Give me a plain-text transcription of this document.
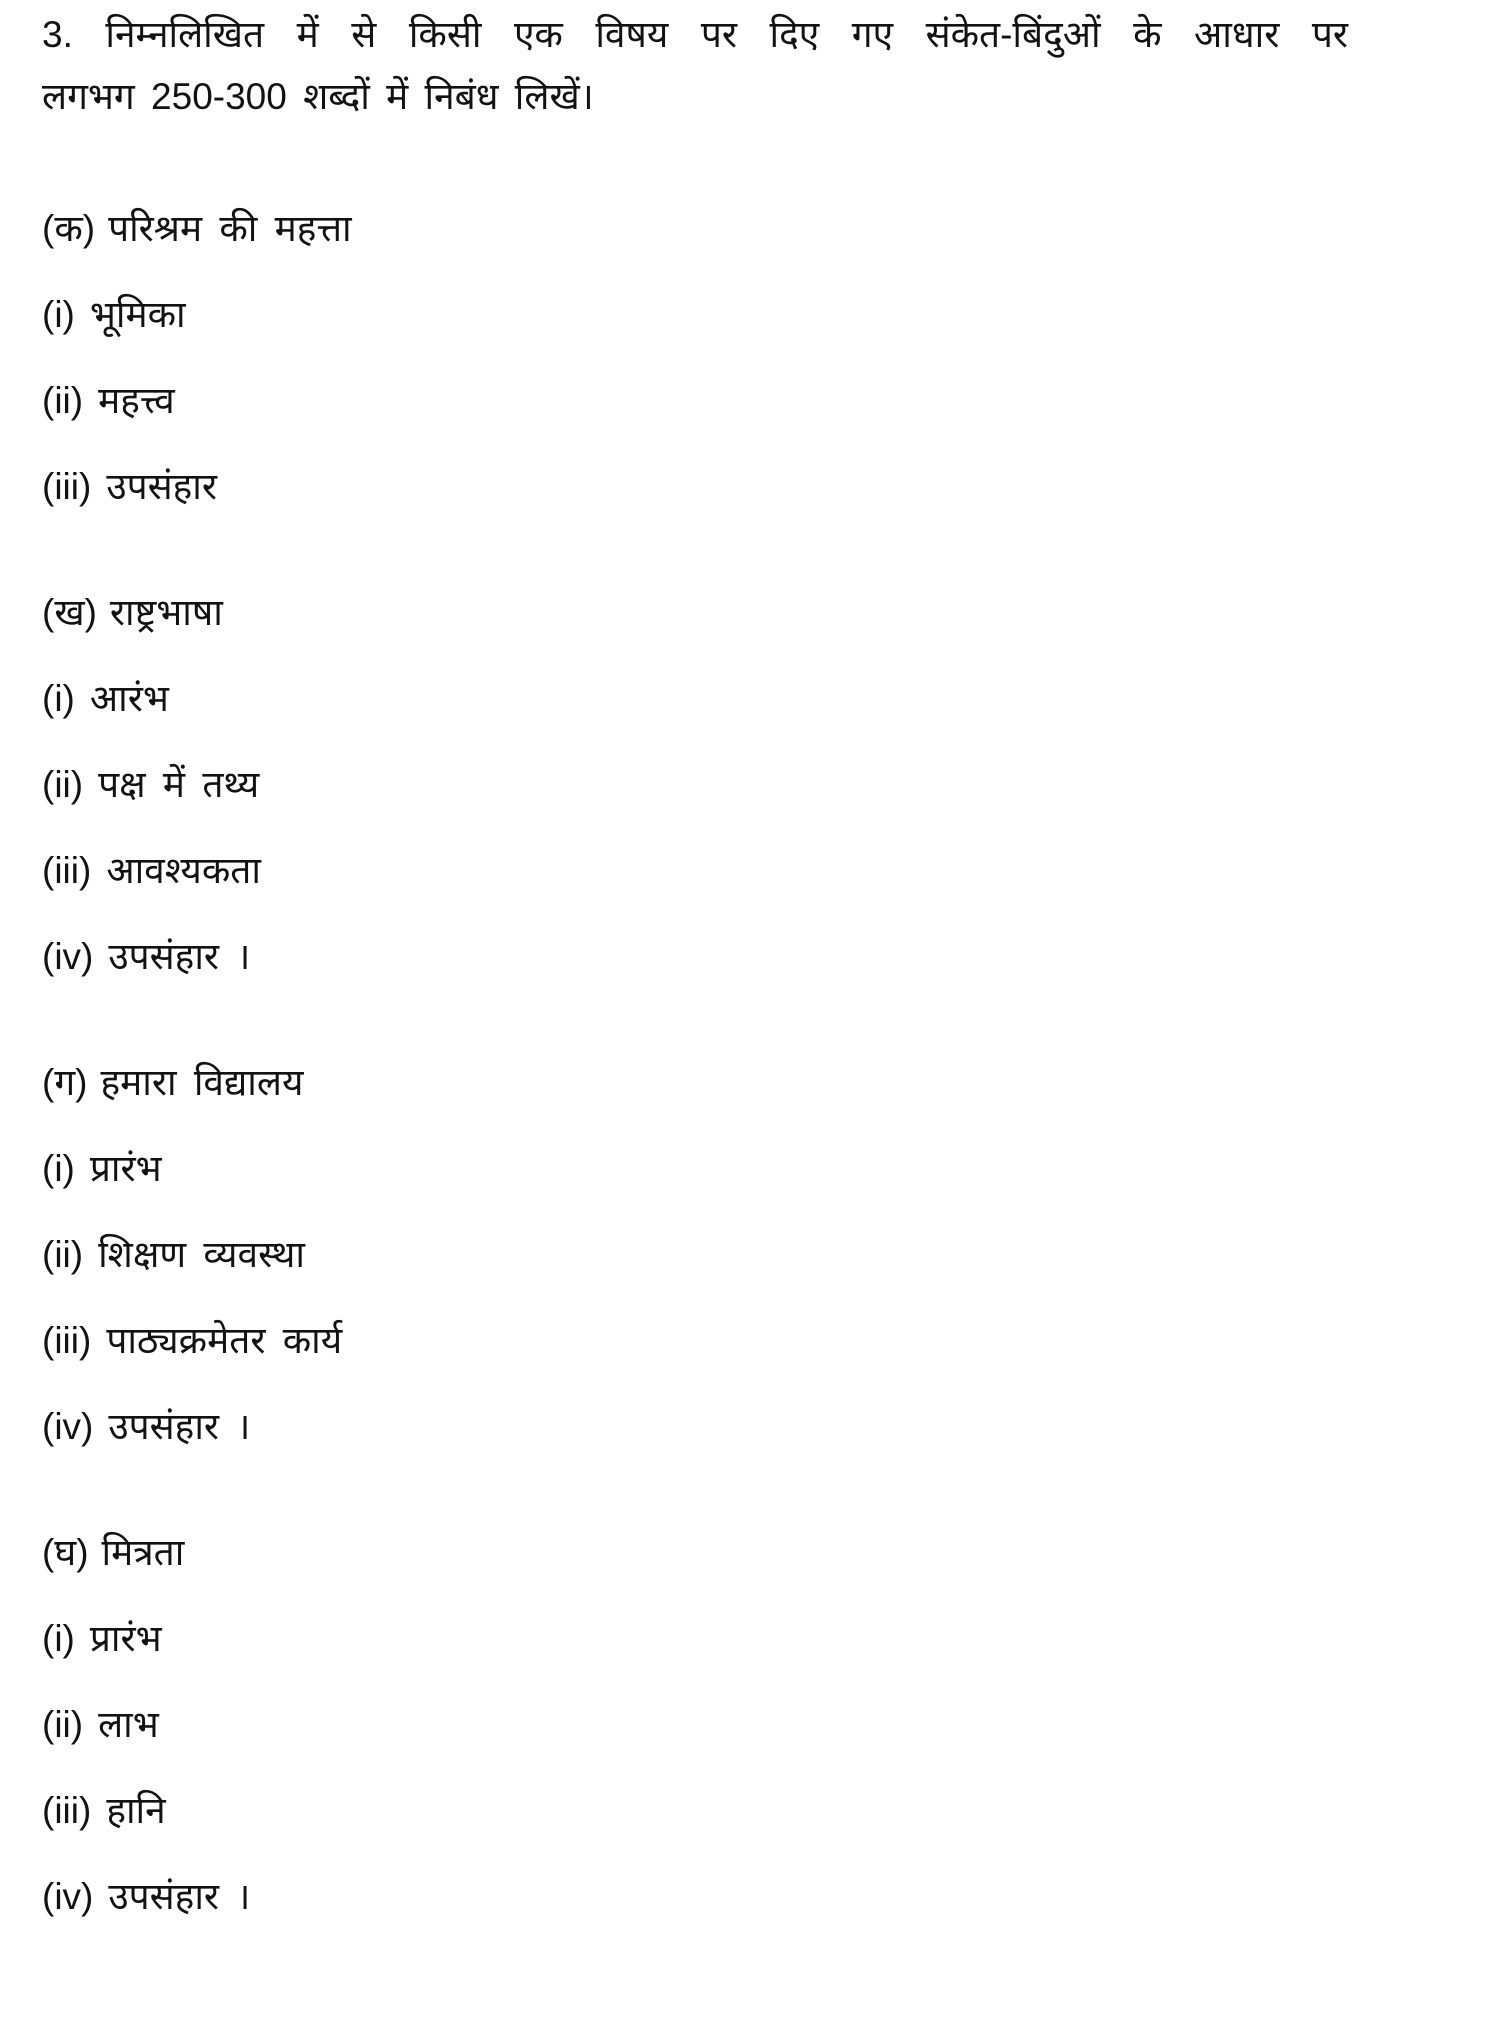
3. निम्नलिखित में से किसी एक विषय पर दिए गए संकेत-बिंदुओं के आधार पर

लगभग 250-300 शब्दों में निबंध लिखें।

(क) परिश्रम की महत्ता

(i) भूमिका

(ii) महत्त्व

(iii) उपसंहार

(ख) राष्ट्रभाषा

(i) आरंभ

(ii) पक्ष में तथ्य

(iii) आवश्यकता

(iv) उपसंहार ।

(ग) हमारा विद्यालय

(i) प्रारंभ

(ii) शिक्षण व्यवस्था

(iii) पाठ्यक्रमेतर कार्य

(iv) उपसंहार ।

(घ) मित्रता

(i) प्रारंभ

(ii) लाभ

(iii) हानि

(iv) उपसंहार ।
